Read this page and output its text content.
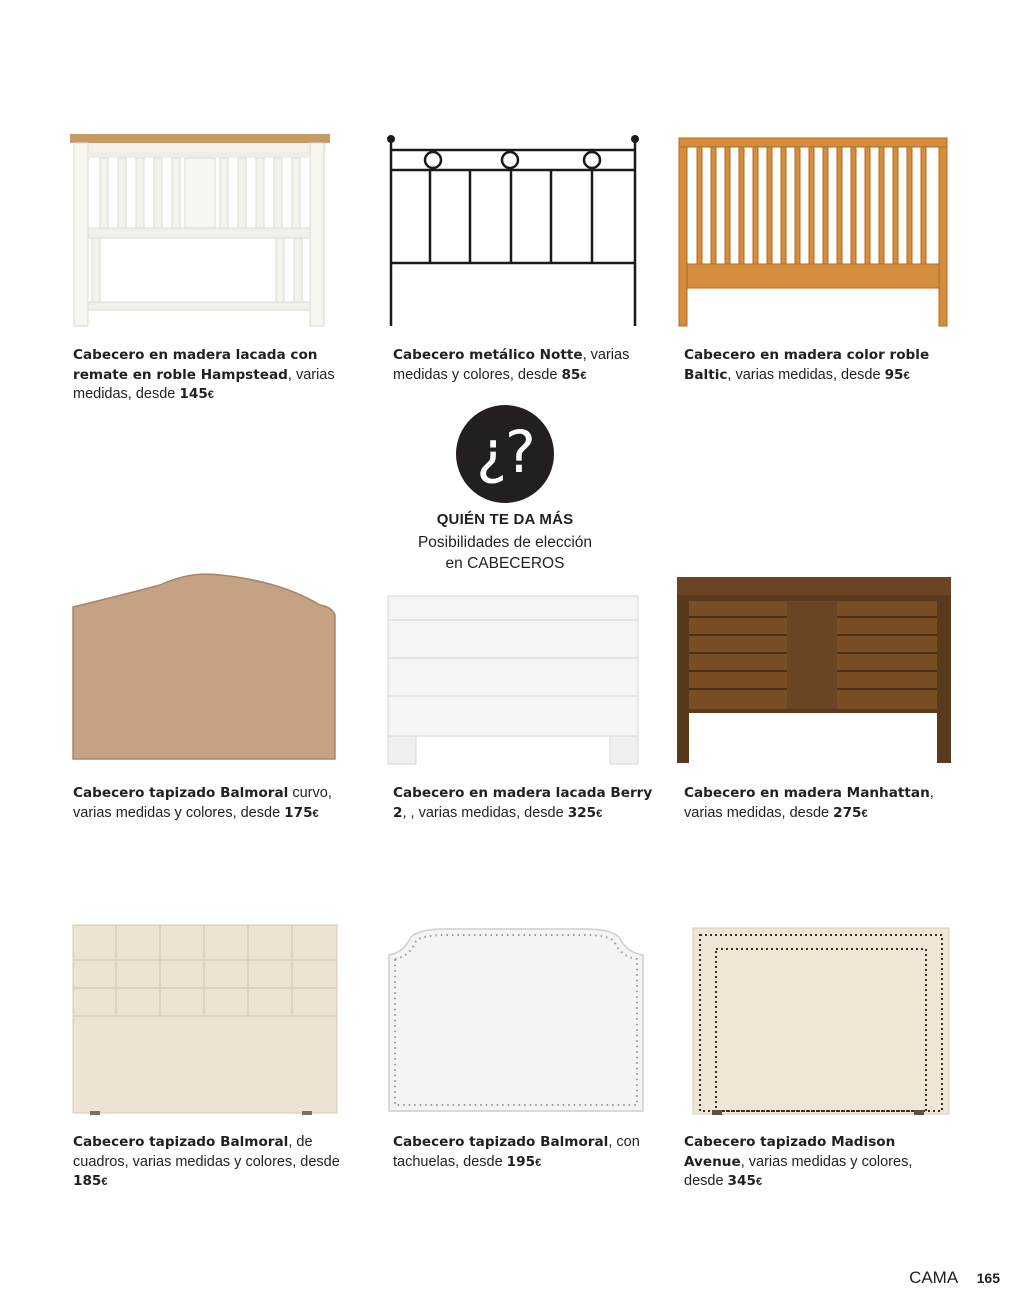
Cabecero en madera lacada con remate en roble Hampstead, varias medidas, desde 145€
Cabecero metálico Notte, varias medidas y colores, desde 85€
Cabecero en madera color roble Baltic, varias medidas, desde 95€
¿?
QUIÉN TE DA MÁS
Posibilidades de elección
en CABECEROS
Cabecero tapizado Balmoral curvo, varias medidas y colores, desde 175€
Cabecero en madera lacada Berry 2, , varias medidas, desde 325€
Cabecero en madera Manhattan, varias medidas, desde 275€
Cabecero tapizado Balmoral, de cuadros, varias medidas y colores, desde 185€
Cabecero tapizado Balmoral, con tachuelas, desde 195€
Cabecero tapizado Madison Avenue, varias medidas y colores, desde 345€
CAMA 165
